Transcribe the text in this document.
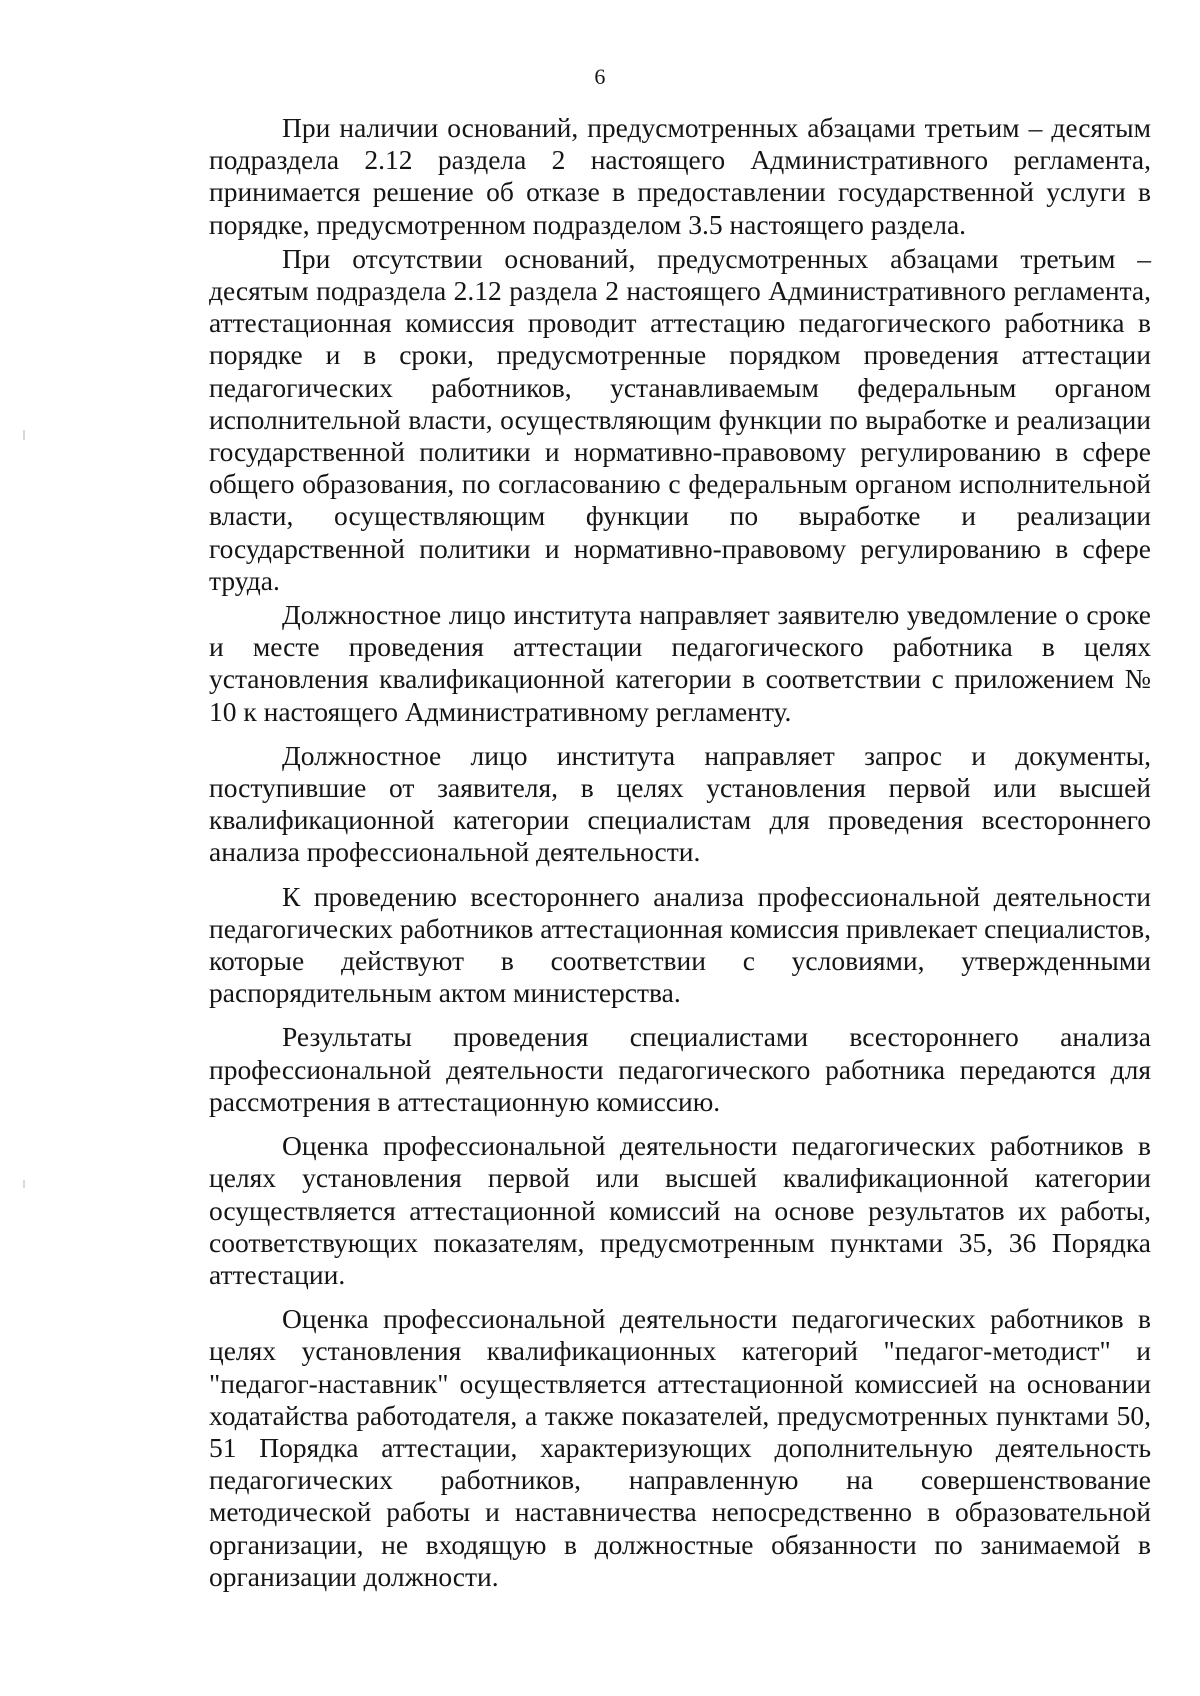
6

При наличии оснований, предусмотренных абзацами третьим – десятым подраздела 2.12 раздела 2 настоящего Административного регламента, принимается решение об отказе в предоставлении государственной услуги в порядке, предусмотренном подразделом 3.5 настоящего раздела.

При отсутствии оснований, предусмотренных абзацами третьим – десятым подраздела 2.12 раздела 2 настоящего Административного регламента, аттестационная комиссия проводит аттестацию педагогического работника в порядке и в сроки, предусмотренные порядком проведения аттестации педагогических работников, устанавливаемым федеральным органом исполнительной власти, осуществляющим функции по выработке и реализации государственной политики и нормативно-правовому регулированию в сфере общего образования, по согласованию с федеральным органом исполнительной власти, осуществляющим функции по выработке и реализации государственной политики и нормативно-правовому регулированию в сфере труда.

Должностное лицо института направляет заявителю уведомление о сроке и месте проведения аттестации педагогического работника в целях установления квалификационной категории в соответствии с приложением № 10 к настоящего Административному регламенту.

Должностное лицо института направляет запрос и документы, поступившие от заявителя, в целях установления первой или высшей квалификационной категории специалистам для проведения всестороннего анализа профессиональной деятельности.

К проведению всестороннего анализа профессиональной деятельности педагогических работников аттестационная комиссия привлекает специалистов, которые действуют в соответствии с условиями, утвержденными распорядительным актом министерства.

Результаты проведения специалистами всестороннего анализа профессиональной деятельности педагогического работника передаются для рассмотрения в аттестационную комиссию.

Оценка профессиональной деятельности педагогических работников в целях установления первой или высшей квалификационной категории осуществляется аттестационной комиссий на основе результатов их работы, соответствующих показателям, предусмотренным пунктами 35, 36 Порядка аттестации.

Оценка профессиональной деятельности педагогических работников в целях установления квалификационных категорий "педагог-методист" и "педагог-наставник" осуществляется аттестационной комиссией на основании ходатайства работодателя, а также показателей, предусмотренных пунктами 50, 51 Порядка аттестации, характеризующих дополнительную деятельность педагогических работников, направленную на совершенствование методической работы и наставничества непосредственно в образовательной организации, не входящую в должностные обязанности по занимаемой в организации должности.
